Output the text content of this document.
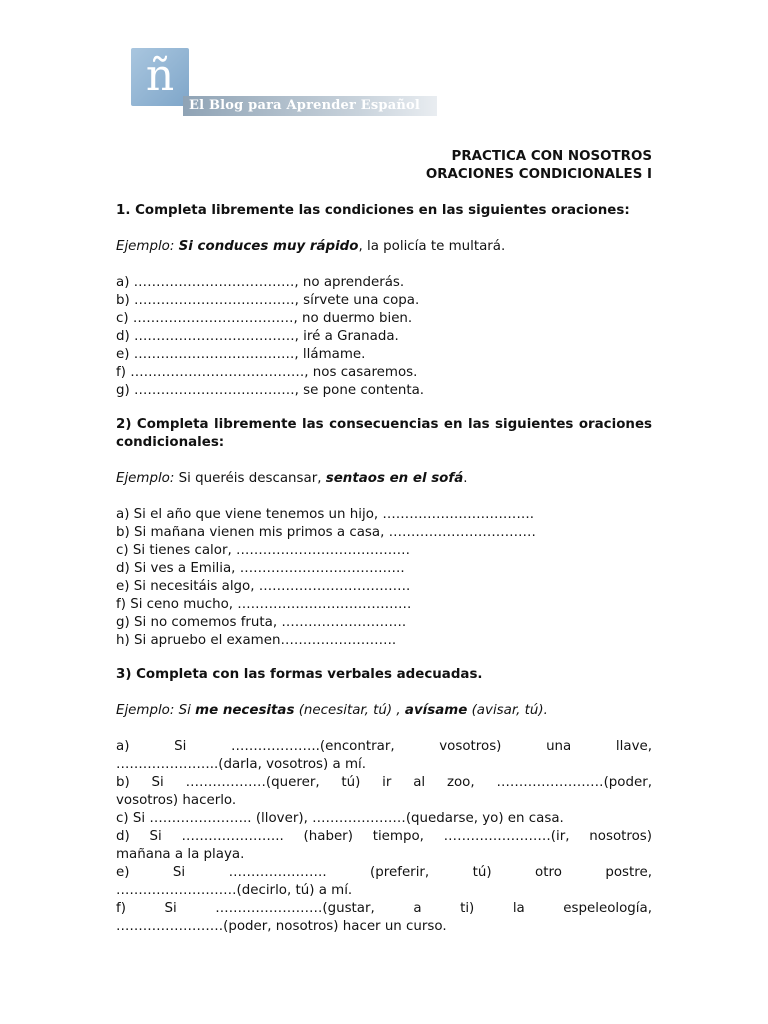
ñ
El Blog para Aprender Español
PRACTICA CON NOSOTROS
ORACIONES CONDICIONALES I
1. Completa libremente las condiciones en las siguientes oraciones:
Ejemplo: Si conduces muy rápido, la policía te multará.
a) ………………………………, no aprenderás.
b) ………………………………, sírvete una copa.
c) ………………………………, no duermo bien.
d) ………………………………, iré a Granada.
e) ………………………………, llámame.
f) …………………………………, nos casaremos.
g) ………………………………, se pone contenta.
2) Completa libremente las consecuencias en las siguientes oraciones
condicionales:
Ejemplo: Si queréis descansar, sentaos en el sofá.
a) Si el año que viene tenemos un hijo, …………………………….
b) Si mañana vienen mis primos a casa, ……………………………
c) Si tienes calor, …………………………………
d) Si ves a Emilia, ……………………………….
e) Si necesitáis algo, …………………………….
f) Si ceno mucho, …………………………………
g) Si no comemos fruta, ……………………….
h) Si apruebo el examen……………………..
3) Completa con las formas verbales adecuadas.
Ejemplo: Si me necesitas (necesitar, tú) , avísame (avisar, tú).
a) Si ………………..(encontrar, vosotros) una llave,
…………………..(darla, vosotros) a mí.
b) Si ………………(querer, tú) ir al zoo, ……………………(poder,
vosotros) hacerlo.
c) Si ………………….. (llover), …………………(quedarse, yo) en casa.
d) Si ………………….. (haber) tiempo, ……………………(ir, nosotros)
mañana a la playa.
e) Si …………………. (preferir, tú) otro postre,
………………………(decirlo, tú) a mí.
f) Si ……………………(gustar, a ti) la espeleología,
……………………(poder, nosotros) hacer un curso.
